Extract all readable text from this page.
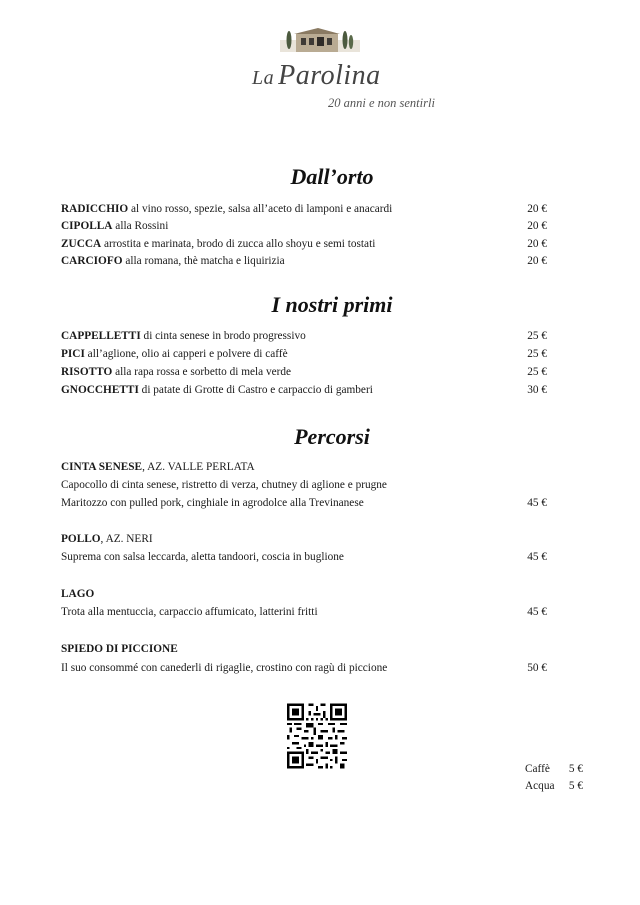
La Parolina
20 anni e non sentirli
Dall’orto
RADICCHIO al vino rosso, spezie, salsa all’aceto di lamponi e anacardi	20 €
CIPOLLA alla Rossini	20 €
ZUCCA arrostita e marinata, brodo di zucca allo shoyu e semi tostati	20 €
CARCIOFO alla romana, thè matcha e liquirizia	20 €
I nostri primi
CAPPELLETTI di cinta senese in brodo progressivo	25 €
PICI all’aglione, olio ai capperi e polvere di caffè	25 €
RISOTTO alla rapa rossa e sorbetto di mela verde	25 €
GNOCCHETTI di patate di Grotte di Castro e carpaccio di gamberi	30 €
Percorsi
CINTA SENESE, AZ. VALLE PERLATA
Capocollo di cinta senese, ristretto di verza, chutney di aglione e prugne
Maritozzo con pulled pork, cinghiale in agrodolce alla Trevinanese	45 €
POLLO, AZ. NERI
Suprema con salsa leccarda, aletta tandoori, coscia in buglione	45 €
LAGO
Trota alla mentuccia, carpaccio affumicato, latterini fritti	45 €
SPIEDO DI PICCIONE
Il suo consommé con canederli di rigaglie, crostino con ragù di piccione	50 €
Caffè 5 €
Acqua 5 €
